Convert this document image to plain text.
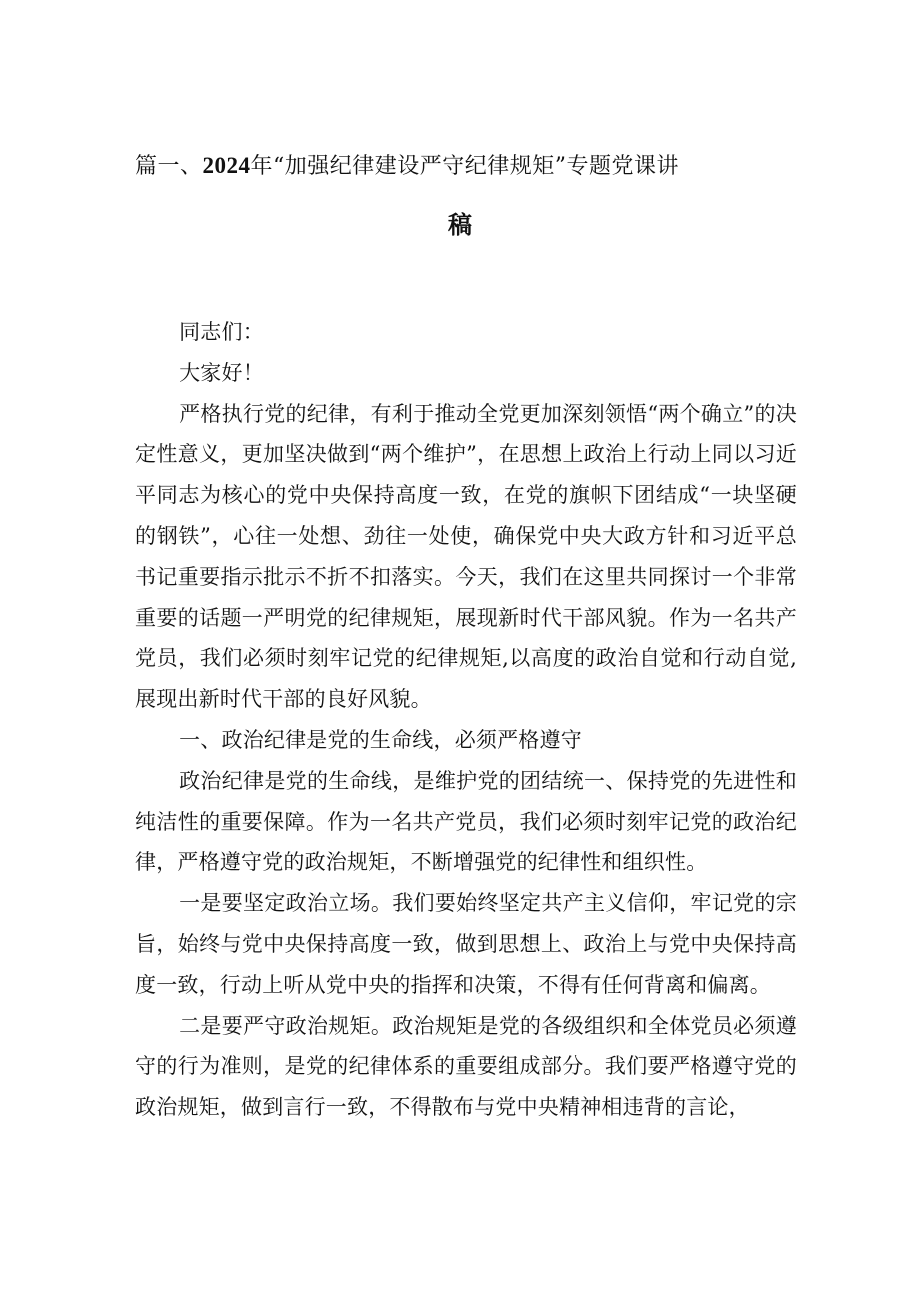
篇一、2024年“加强纪律建设严守纪律规矩”专题党课讲
稿

同志们：

大家好！

严格执行党的纪律，有利于推动全党更加深刻领悟“两个确立”的决定性意义，更加坚决做到“两个维护”，在思想上政治上行动上同以习近平同志为核心的党中央保持高度一致，在党的旗帜下团结成“一块坚硬的钢铁”，心往一处想、劲往一处使，确保党中央大政方针和习近平总书记重要指示批示不折不扣落实。今天，我们在这里共同探讨一个非常重要的话题一严明党的纪律规矩，展现新时代干部风貌。作为一名共产党员，我们必须时刻牢记党的纪律规矩,以高度的政治自觉和行动自觉,展现出新时代干部的良好风貌。

一、政治纪律是党的生命线，必须严格遵守

政治纪律是党的生命线，是维护党的团结统一、保持党的先进性和纯洁性的重要保障。作为一名共产党员，我们必须时刻牢记党的政治纪律，严格遵守党的政治规矩，不断增强党的纪律性和组织性。

一是要坚定政治立场。我们要始终坚定共产主义信仰，牢记党的宗旨，始终与党中央保持高度一致，做到思想上、政治上与党中央保持高度一致，行动上听从党中央的指挥和决策，不得有任何背离和偏离。

二是要严守政治规矩。政治规矩是党的各级组织和全体党员必须遵守的行为准则，是党的纪律体系的重要组成部分。我们要严格遵守党的政治规矩，做到言行一致，不得散布与党中央精神相违背的言论，
